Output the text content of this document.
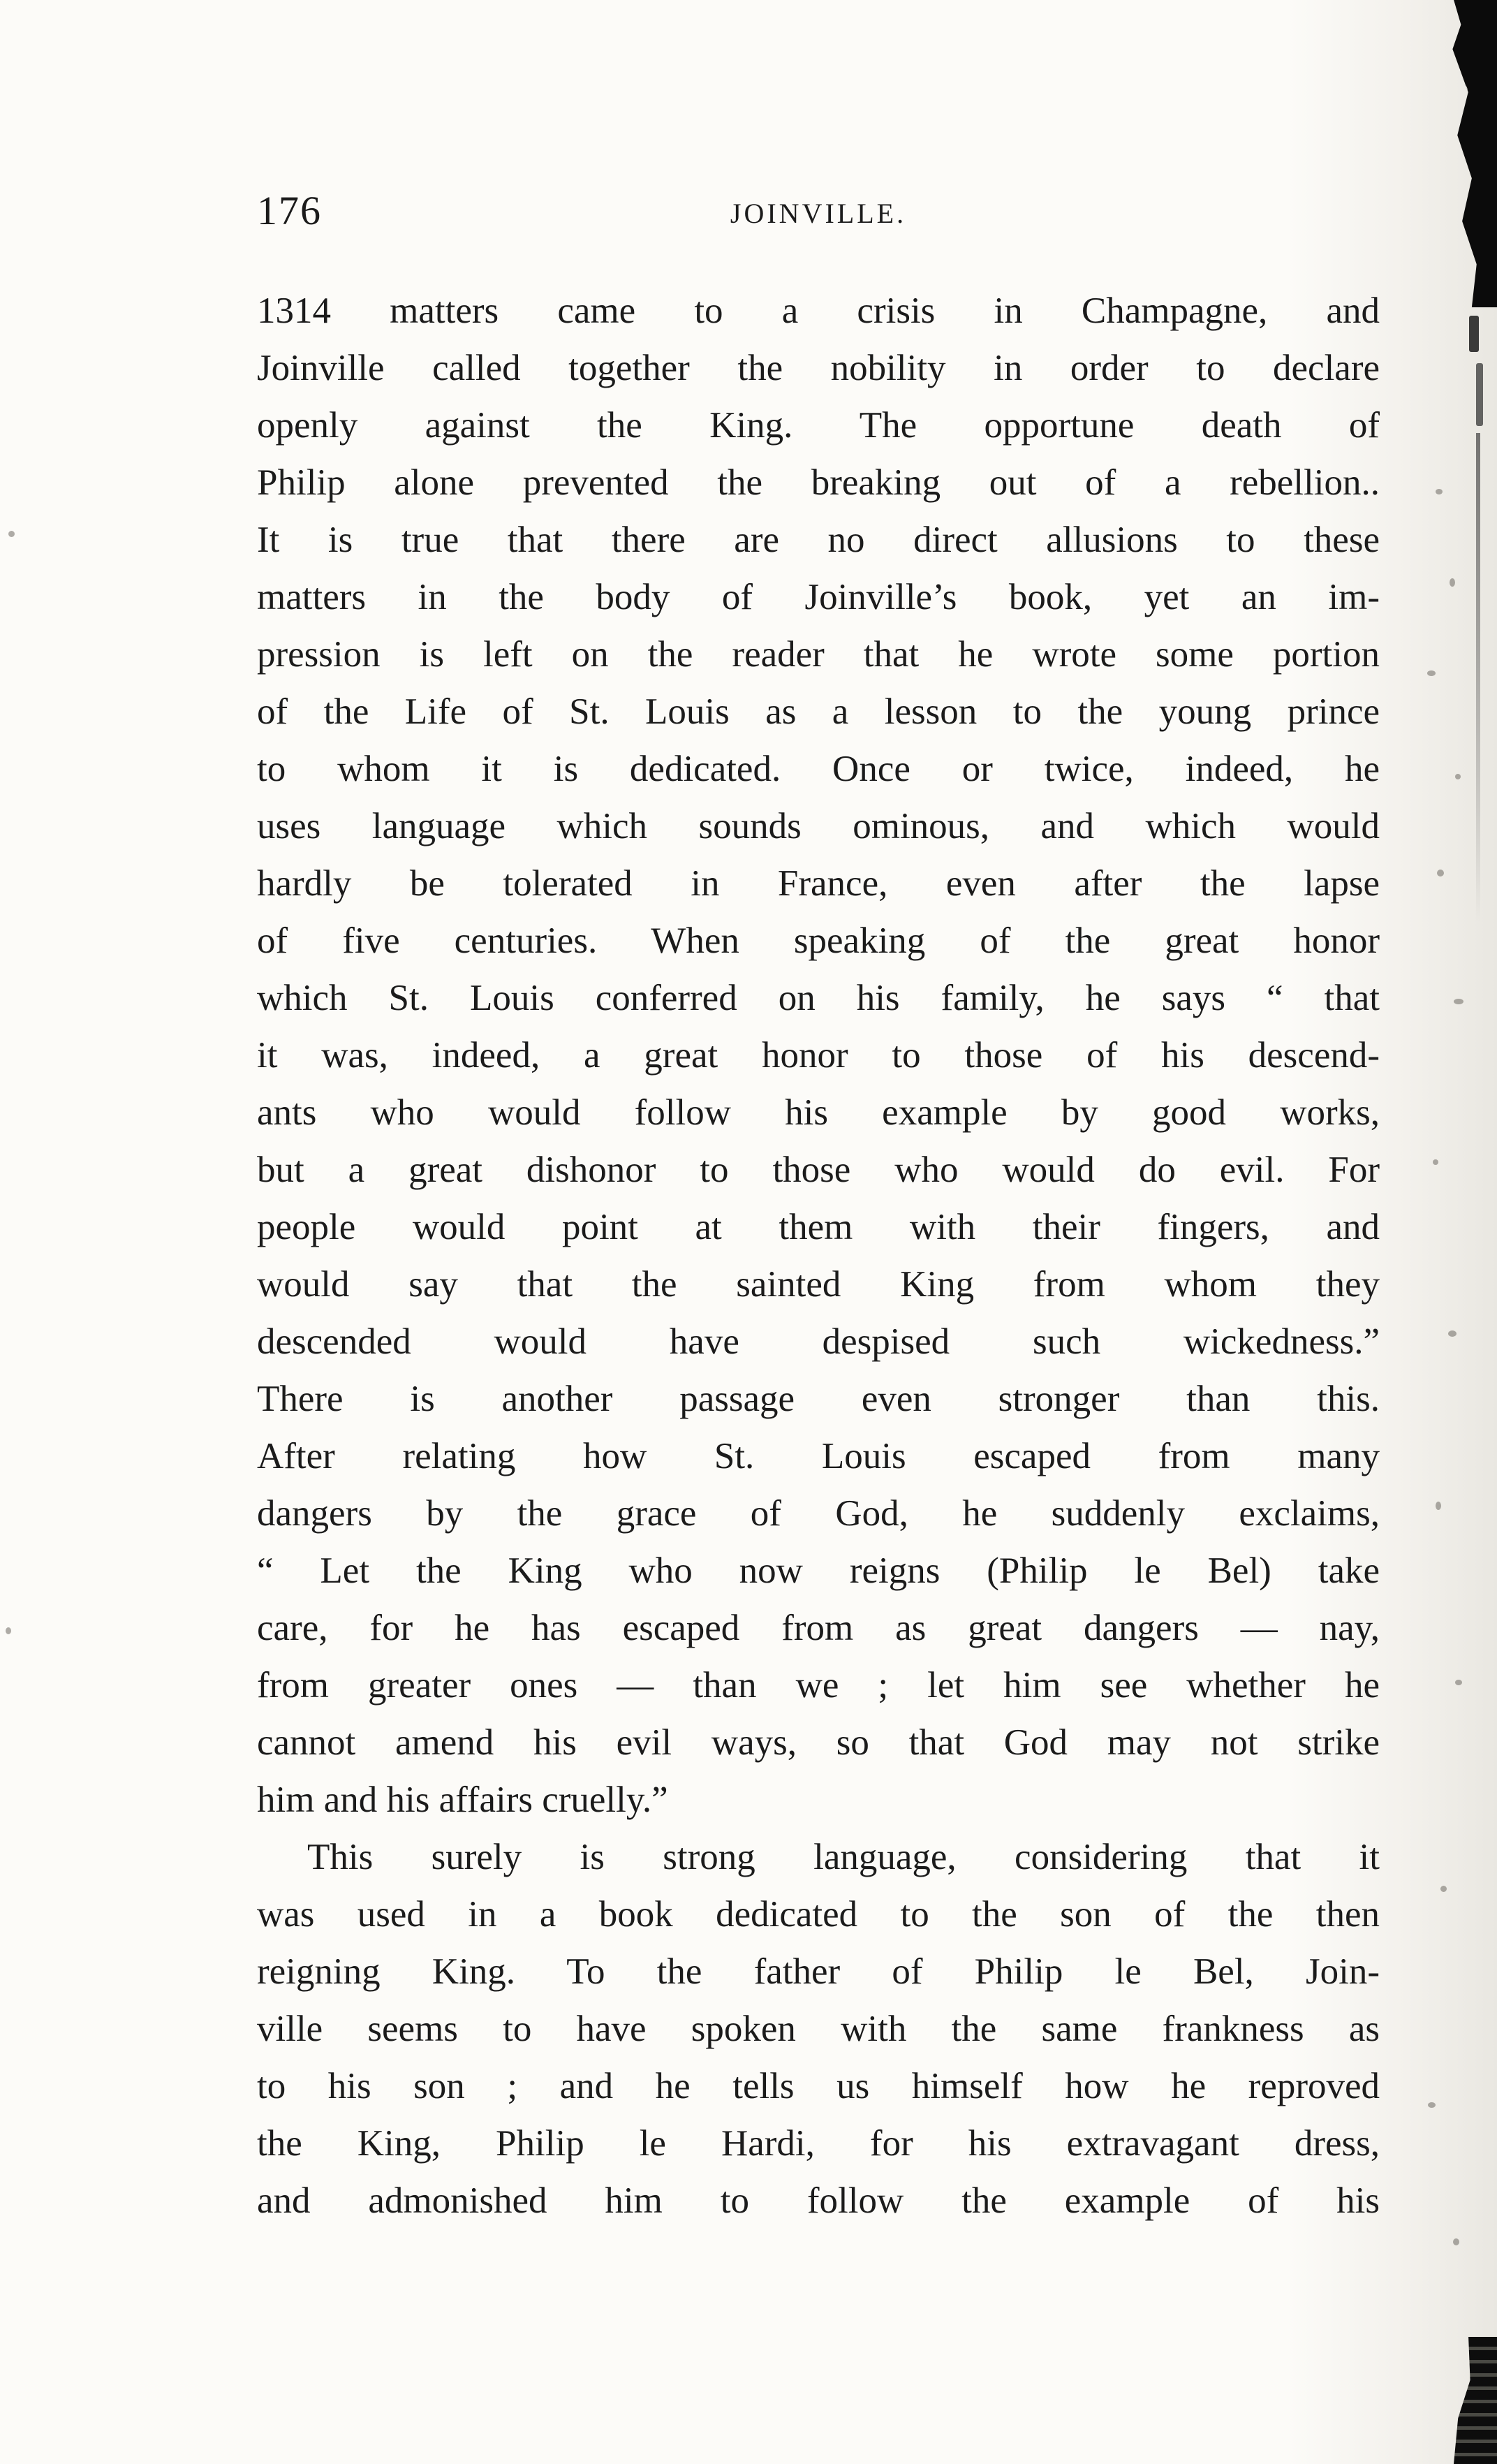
176	JOINVILLE.
1314 matters came to a crisis in Champagne, and
Joinville called together the nobility in order to declare
openly against the King. The opportune death of
Philip alone prevented the breaking out of a rebellion..
It is true that there are no direct allusions to these
matters in the body of Joinville’s book, yet an im-
pression is left on the reader that he wrote some portion
of the Life of St. Louis as a lesson to the young prince
to whom it is dedicated. Once or twice, indeed, he
uses language which sounds ominous, and which would
hardly be tolerated in France, even after the lapse
of five centuries. When speaking of the great honor
which St. Louis conferred on his family, he says “ that
it was, indeed, a great honor to those of his descend-
ants who would follow his example by good works,
but a great dishonor to those who would do evil. For
people would point at them with their fingers, and
would say that the sainted King from whom they
descended would have despised such wickedness.”
There is another passage even stronger than this.
After relating how St. Louis escaped from many
dangers by the grace of God, he suddenly exclaims,
“ Let the King who now reigns (Philip le Bel) take
care, for he has escaped from as great dangers — nay,
from greater ones — than we ; let him see whether he
cannot amend his evil ways, so that God may not strike
him and his affairs cruelly.”
This surely is strong language, considering that it
was used in a book dedicated to the son of the then
reigning King. To the father of Philip le Bel, Join-
ville seems to have spoken with the same frankness as
to his son ; and he tells us himself how he reproved
the King, Philip le Hardi, for his extravagant dress,
and admonished him to follow the example of his
